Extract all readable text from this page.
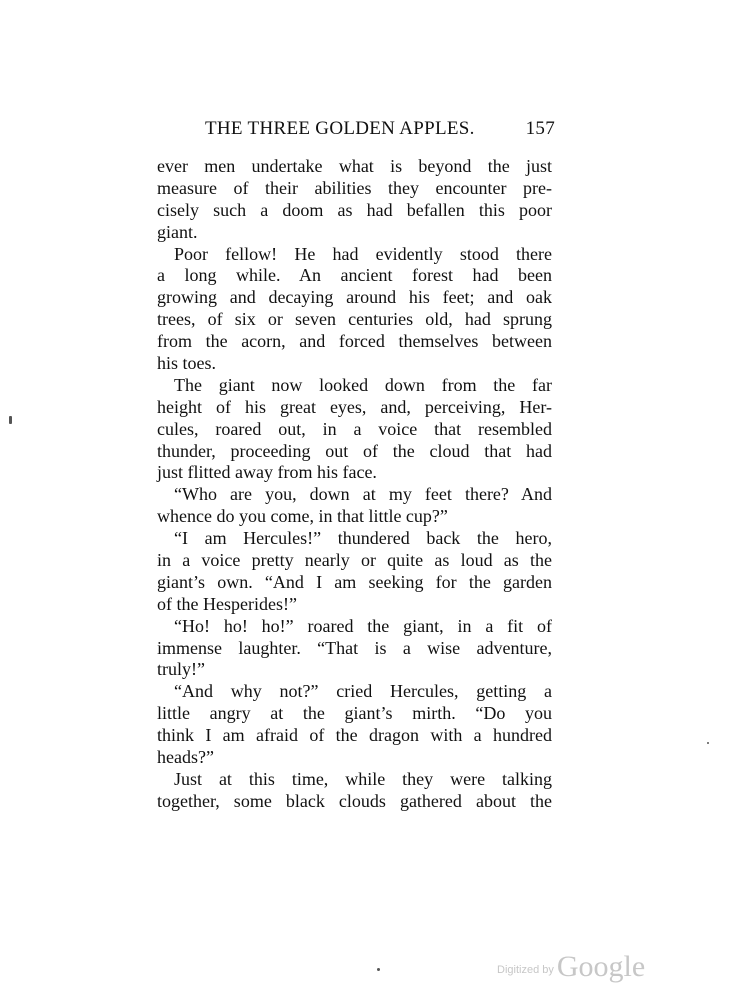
THE THREE GOLDEN APPLES.	157
ever men undertake what is beyond the just
measure of their abilities they encounter pre-
cisely such a doom as had befallen this poor
giant.
Poor fellow! He had evidently stood there
a long while. An ancient forest had been
growing and decaying around his feet; and oak
trees, of six or seven centuries old, had sprung
from the acorn, and forced themselves between
his toes.
The giant now looked down from the far
height of his great eyes, and, perceiving, Her-
cules, roared out, in a voice that resembled
thunder, proceeding out of the cloud that had
just flitted away from his face.
“Who are you, down at my feet there? And
whence do you come, in that little cup?”
“I am Hercules!” thundered back the hero,
in a voice pretty nearly or quite as loud as the
giant’s own. “And I am seeking for the garden
of the Hesperides!”
“Ho! ho! ho!” roared the giant, in a fit of
immense laughter. “That is a wise adventure,
truly!”
“And why not?” cried Hercules, getting a
little angry at the giant’s mirth. “Do you
think I am afraid of the dragon with a hundred
heads?”
Just at this time, while they were talking
together, some black clouds gathered about the
Digitized by Google
